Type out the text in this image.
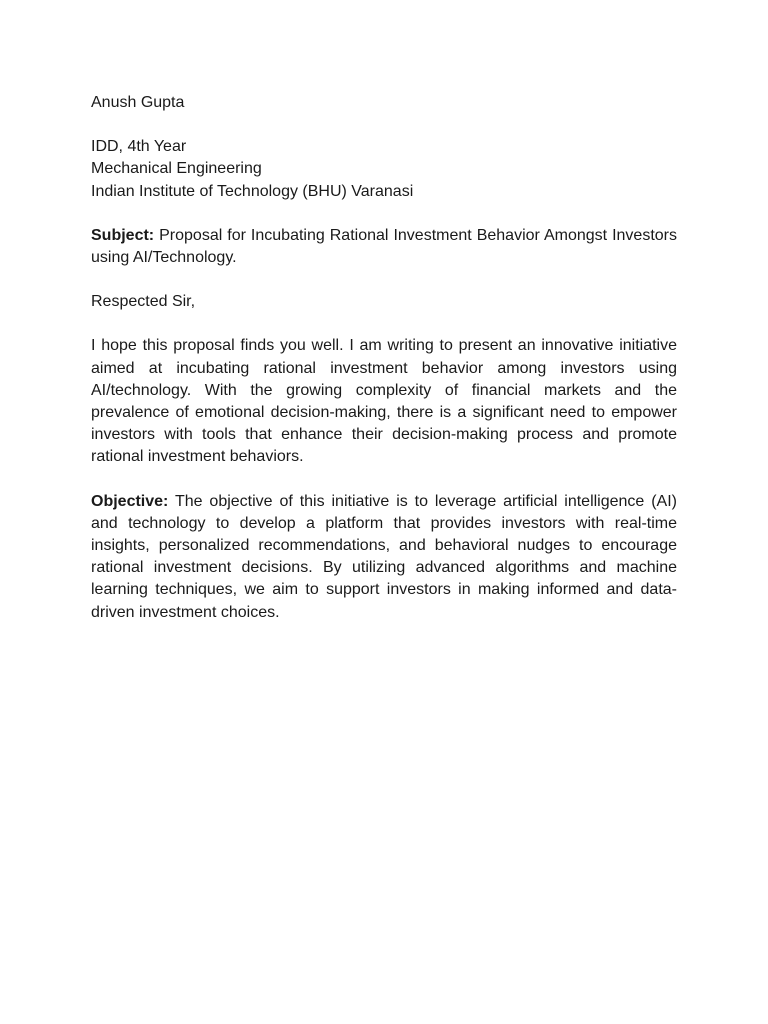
Anush Gupta

IDD, 4th Year

Mechanical Engineering

Indian Institute of Technology (BHU) Varanasi

Subject: Proposal for Incubating Rational Investment Behavior Amongst Investors using AI/Technology.

Respected Sir,

I hope this proposal finds you well. I am writing to present an innovative initiative aimed at incubating rational investment behavior among investors using AI/technology. With the growing complexity of financial markets and the prevalence of emotional decision-making, there is a significant need to empower investors with tools that enhance their decision-making process and promote rational investment behaviors.

Objective: The objective of this initiative is to leverage artificial intelligence (AI) and technology to develop a platform that provides investors with real-time insights, personalized recommendations, and behavioral nudges to encourage rational investment decisions. By utilizing advanced algorithms and machine learning techniques, we aim to support investors in making informed and data-driven investment choices.
